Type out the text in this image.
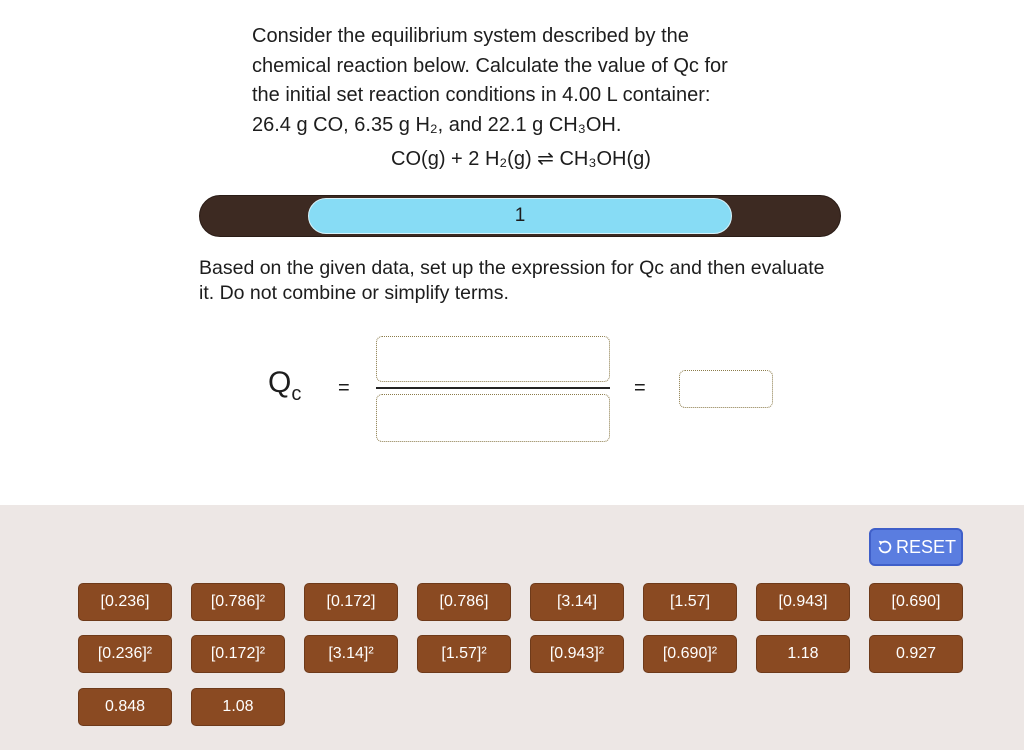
Consider the equilibrium system described by the
chemical reaction below. Calculate the value of Qc for
the initial set reaction conditions in 4.00 L container:
26.4 g CO, 6.35 g H₂, and 22.1 g CH₃OH.
CO(g) + 2 H₂(g) ⇌ CH₃OH(g)
1
Based on the given data, set up the expression for Qc and then evaluate it. Do not combine or simplify terms.
$Q_c$ =	=
RESET
[0.236]	[0.786]²	[0.172]	[0.786]	[3.14]	[1.57]	[0.943]	[0.690]
[0.236]²	[0.172]²	[3.14]²	[1.57]²	[0.943]²	[0.690]²	1.18	0.927
0.848	1.08
